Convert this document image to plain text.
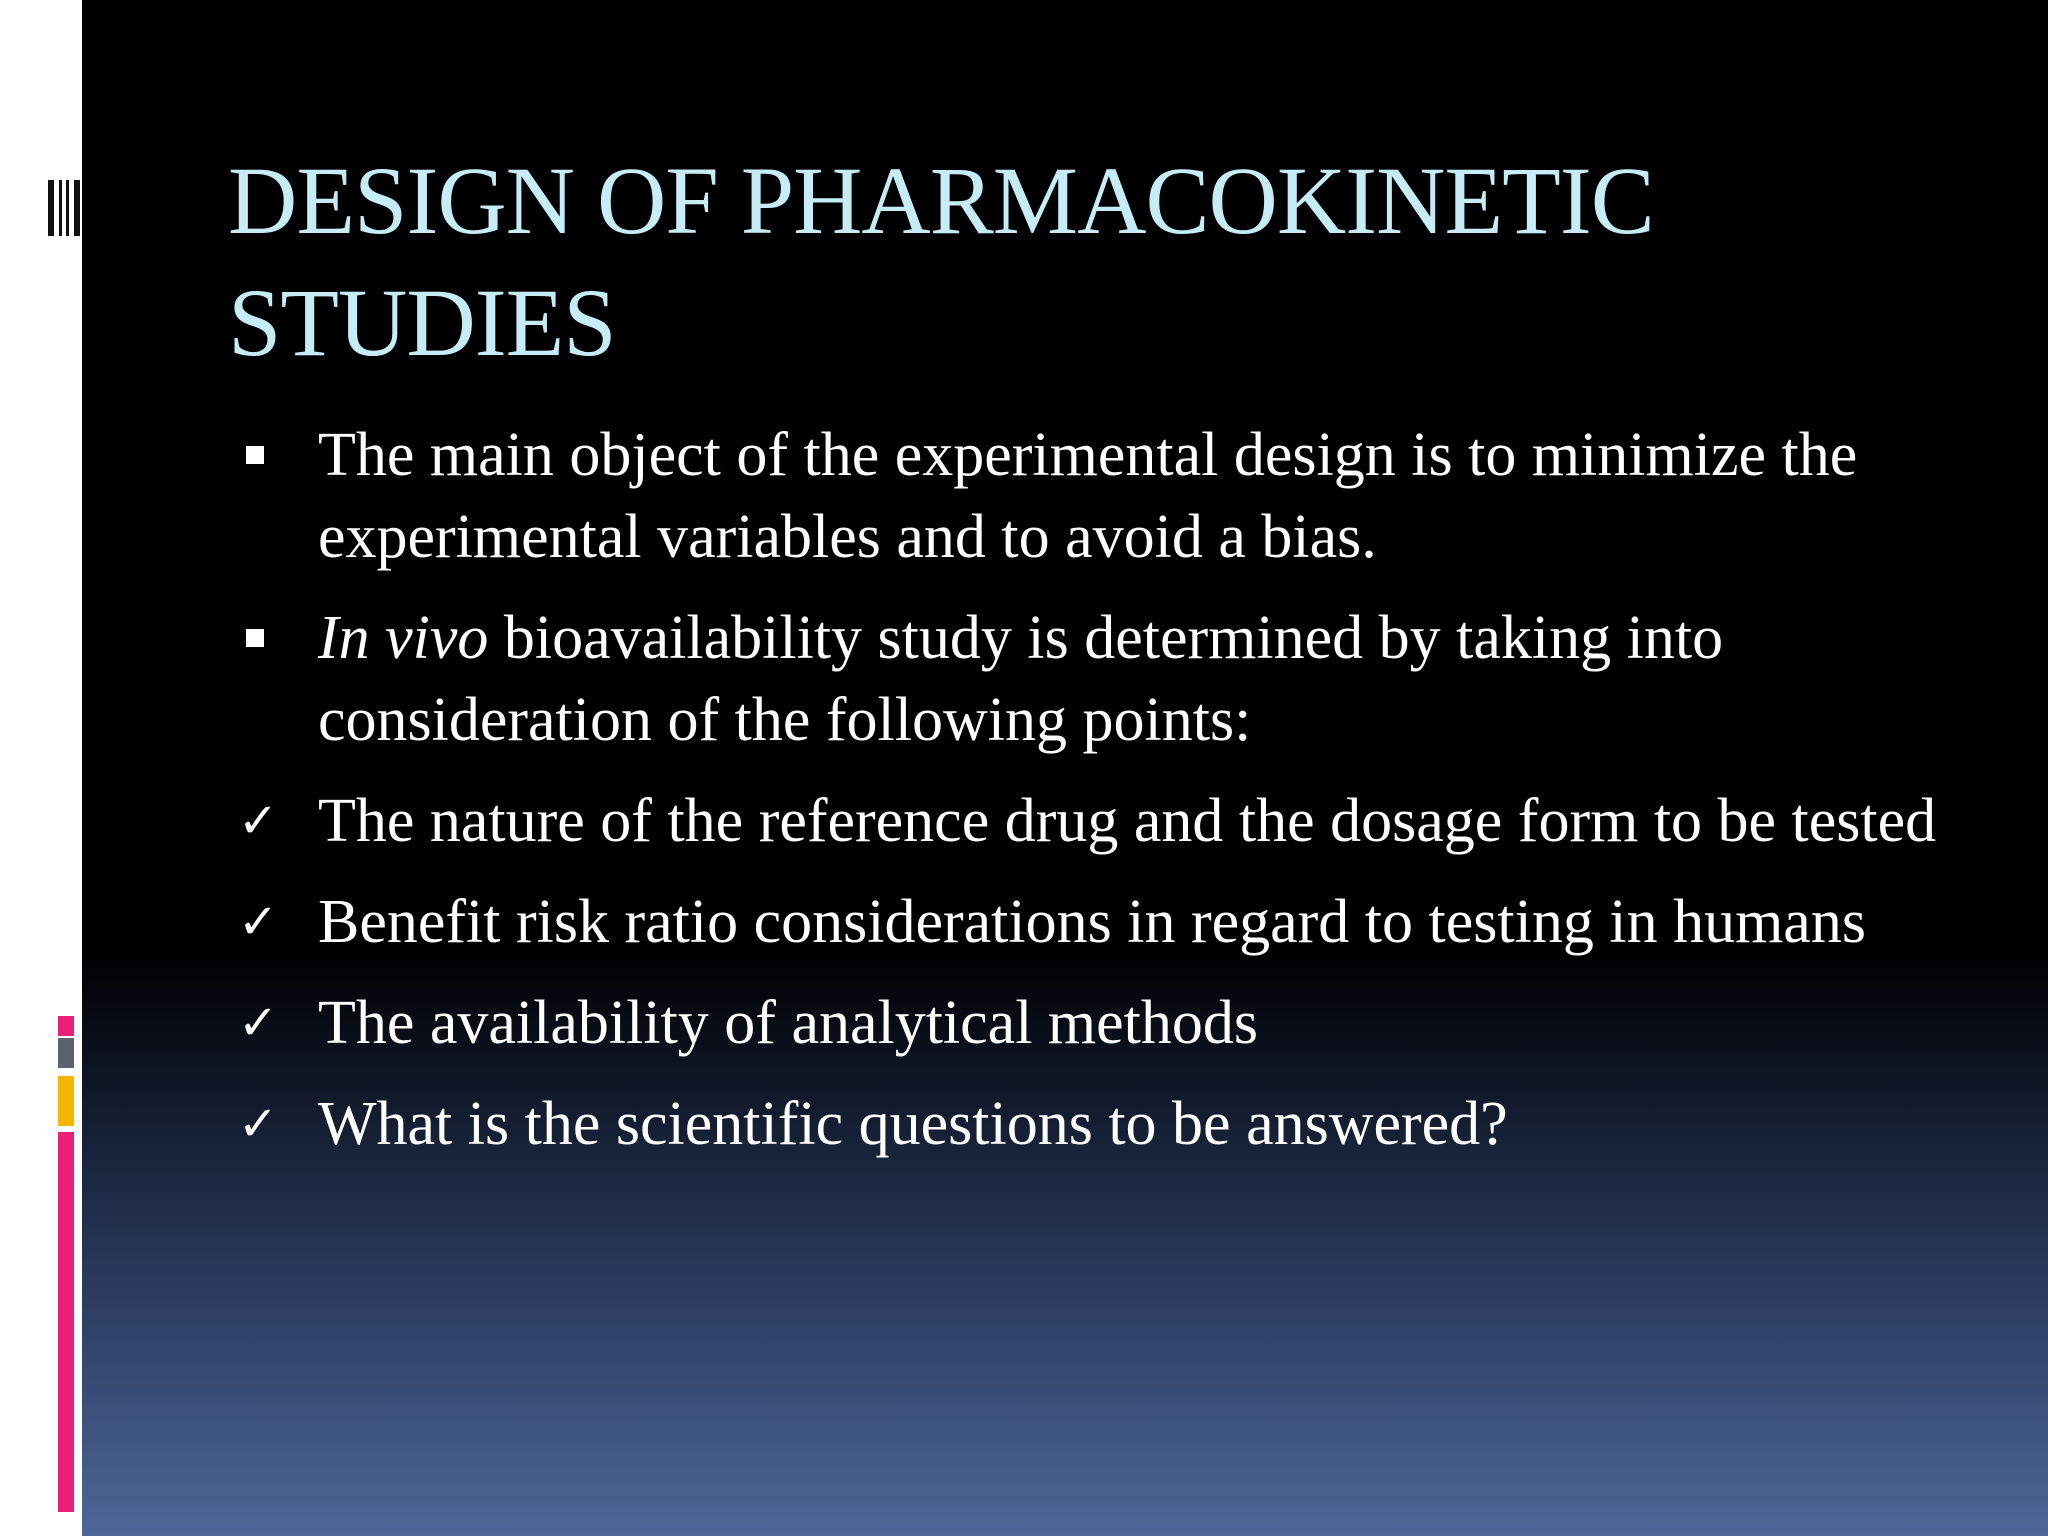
DESIGN OF PHARMACOKINETIC STUDIES
The main object of the experimental design is to minimize the experimental variables and to avoid a bias.
In vivo bioavailability study is determined by taking into consideration of the following points:
✓ The nature of the reference drug and the dosage form to be tested
✓ Benefit risk ratio considerations in regard to testing in humans
✓ The availability of analytical methods
✓ What is the scientific questions to be answered?
